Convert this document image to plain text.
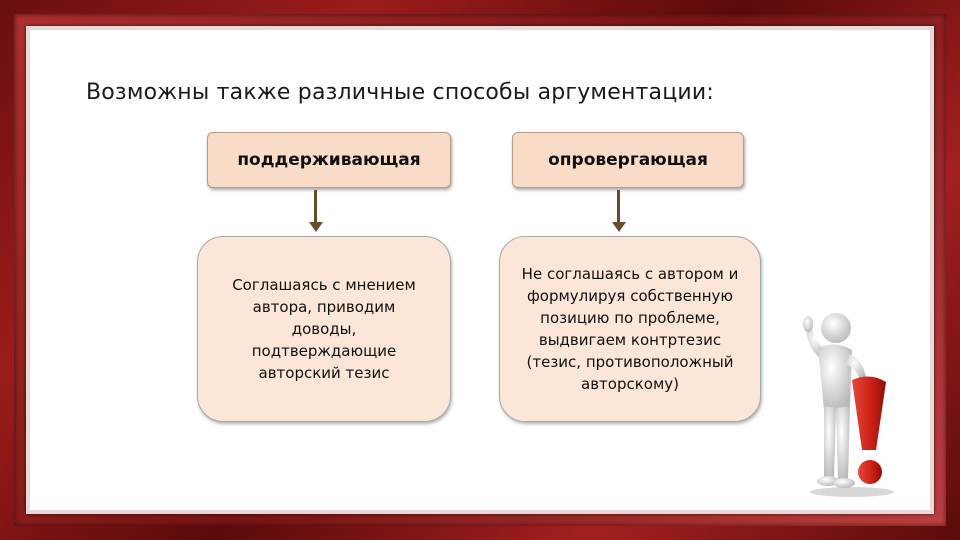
Возможны также различные способы аргументации:
поддерживающая	опровергающая
Соглашаясь с мнением
автора, приводим
доводы,
подтверждающие
авторский тезис
Не соглашаясь с автором и
формулируя собственную
позицию по проблеме,
выдвигаем контртезис
(тезис, противоположный
авторскому)
